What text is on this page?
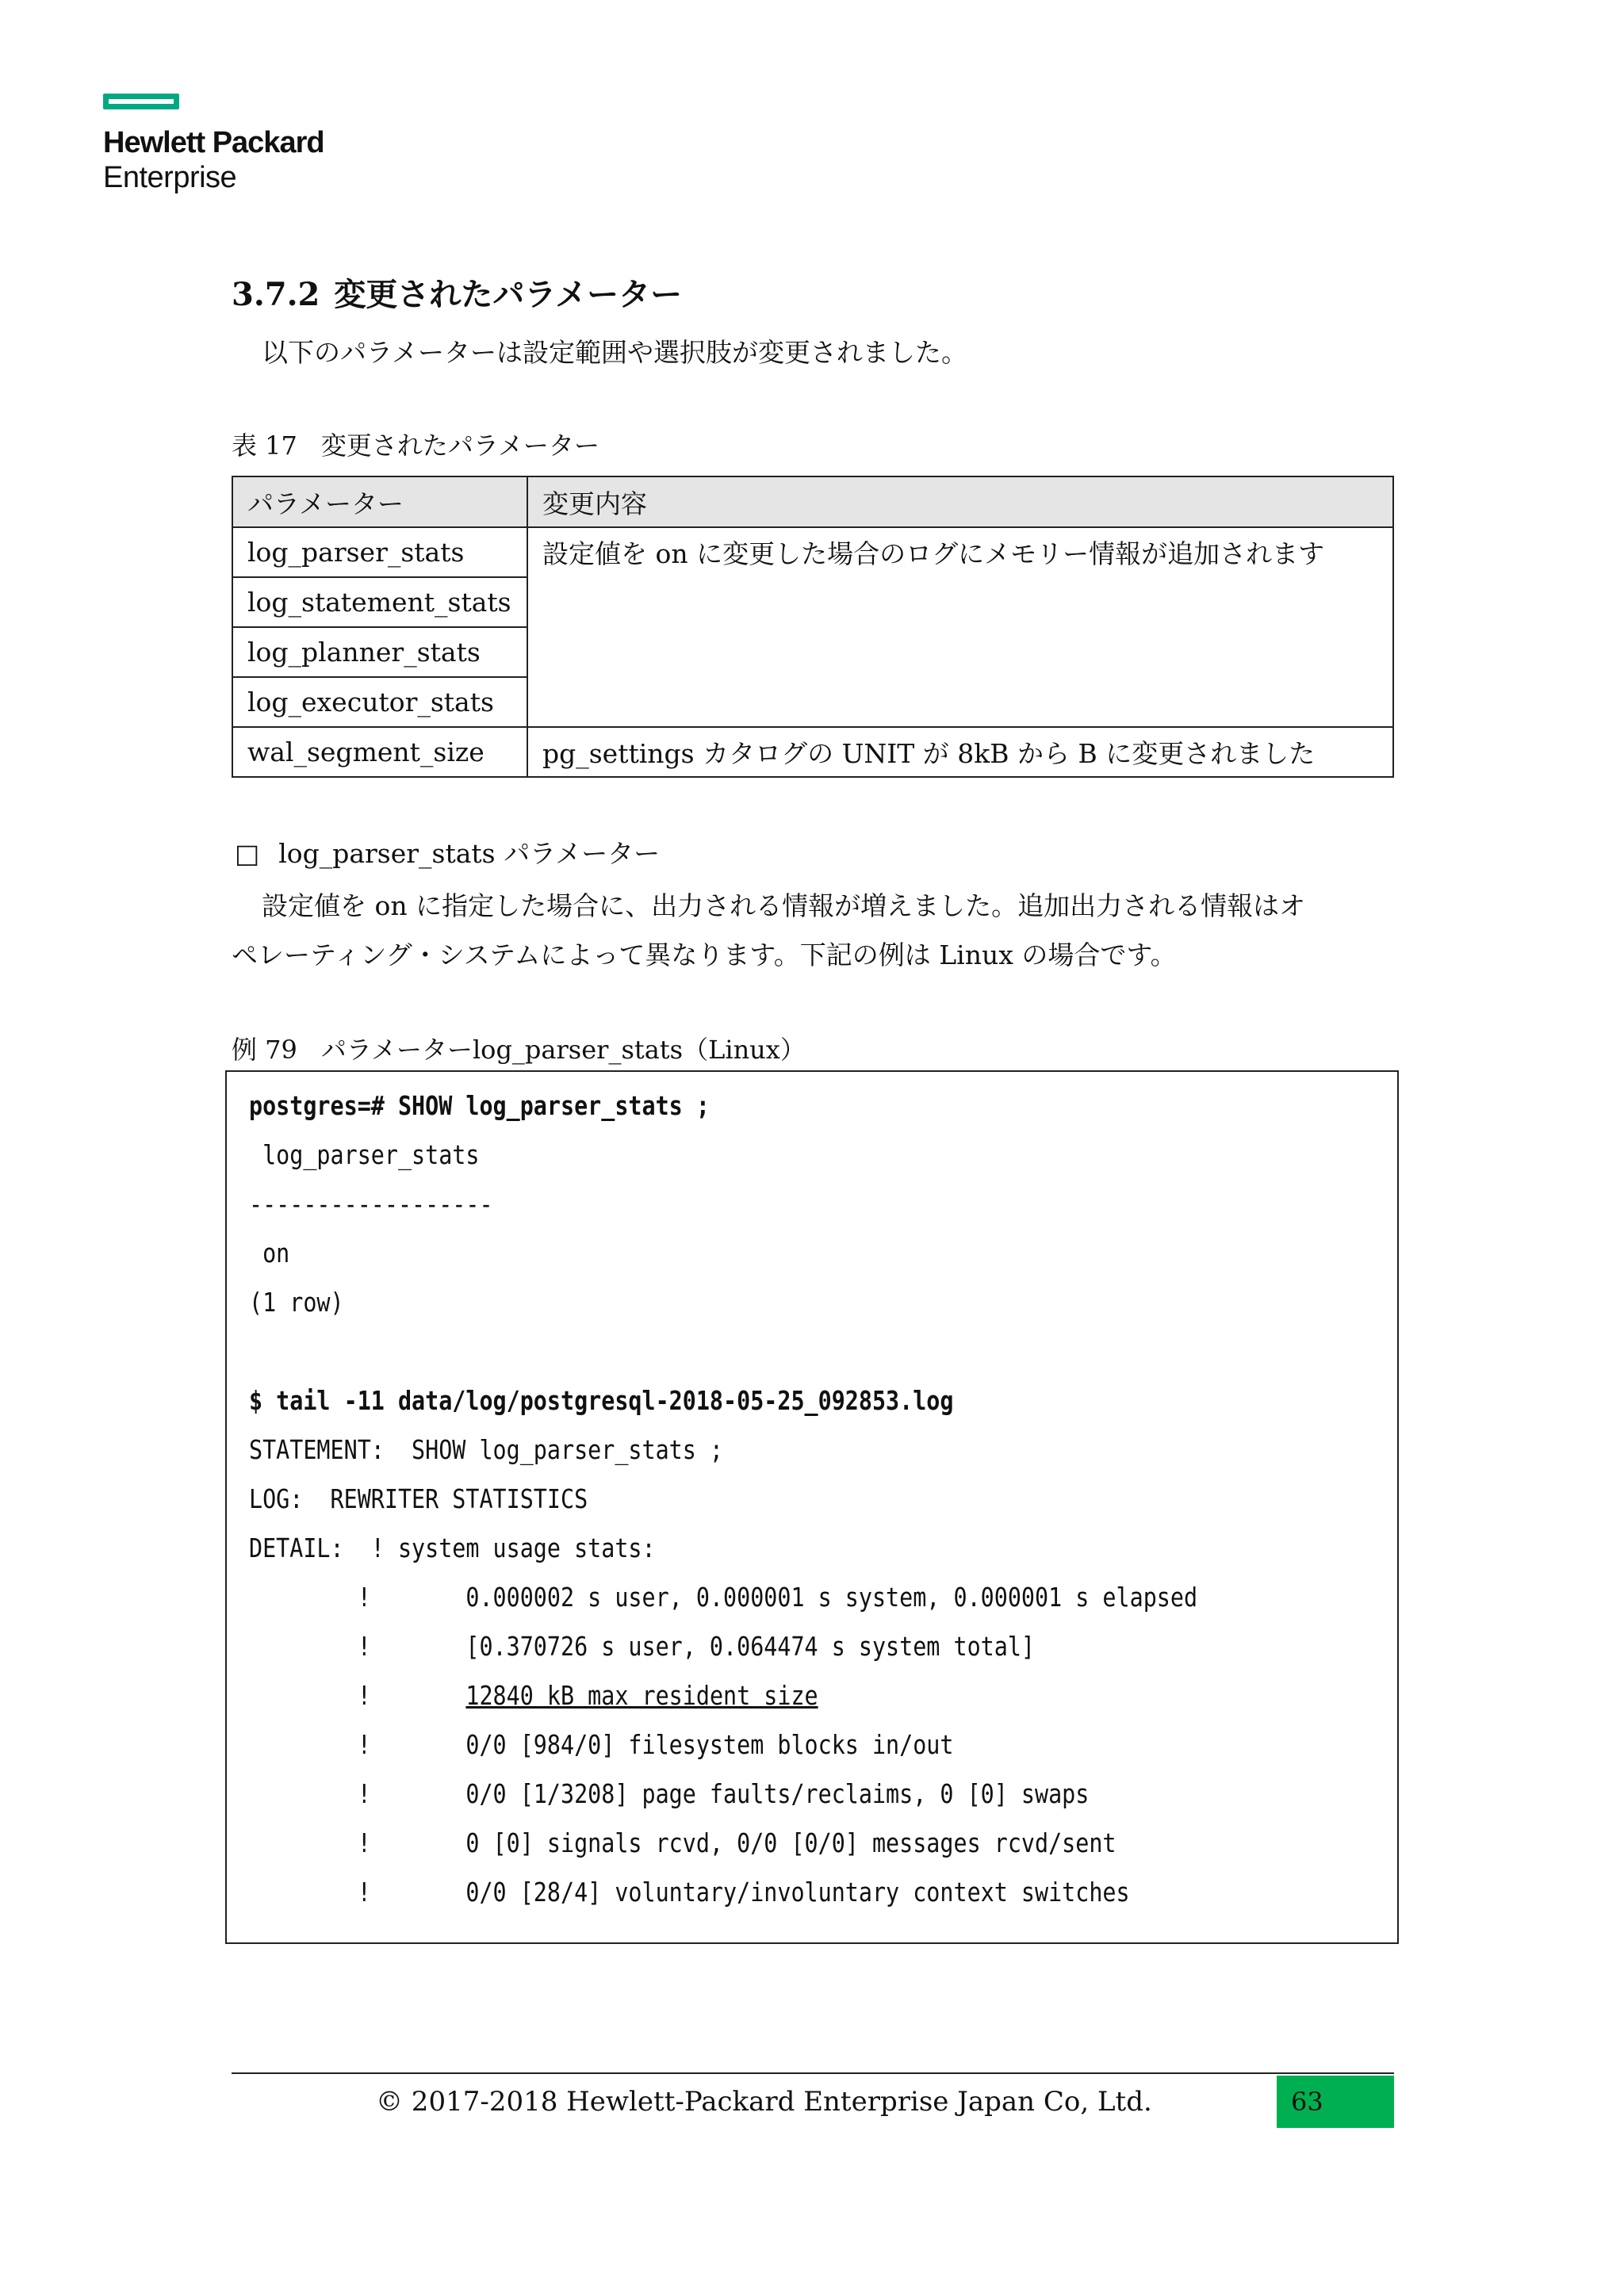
Hewlett Packard
Enterprise
3.7.2 変更されたパラメーター
以下のパラメーターは設定範囲や選択肢が変更されました。
表 17 変更されたパラメーター
パラメーター	変更内容
log_parser_stats	設定値を on に変更した場合のログにメモリー情報が追加されます
log_statement_stats	
log_planner_stats	
log_executor_stats	
wal_segment_size	pg_settings カタログの UNIT が 8kB から B に変更されました
□ log_parser_stats パラメーター
設定値を on に指定した場合に、出力される情報が増えました。追加出力される情報はオ
ペレーティング・システムによって異なります。下記の例は Linux の場合です。
例 79 パラメーターlog_parser_stats（Linux）
postgres=# SHOW log_parser_stats ;
log_parser_stats
------------------
on
(1 row)
$ tail -11 data/log/postgresql-2018-05-25_092853.log
STATEMENT:  SHOW log_parser_stats ;
LOG:  REWRITER STATISTICS
DETAIL:  ! system usage stats:
!       0.000002 s user, 0.000001 s system, 0.000001 s elapsed
!       [0.370726 s user, 0.064474 s system total]
!       12840 kB max resident size
!       0/0 [984/0] filesystem blocks in/out
!       0/0 [1/3208] page faults/reclaims, 0 [0] swaps
!       0 [0] signals rcvd, 0/0 [0/0] messages rcvd/sent
!       0/0 [28/4] voluntary/involuntary context switches
© 2017-2018 Hewlett-Packard Enterprise Japan Co, Ltd.	63
